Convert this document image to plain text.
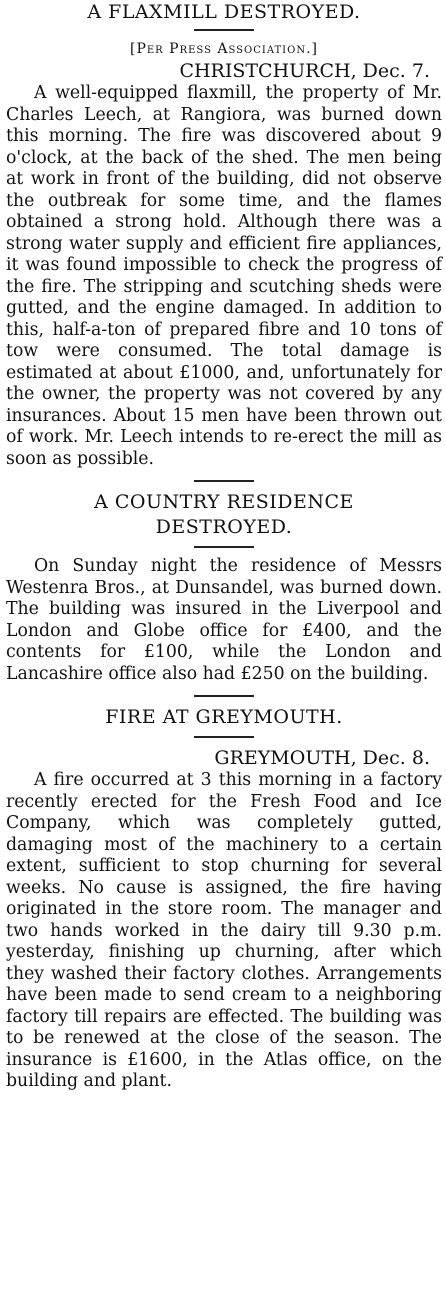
A FLAXMILL DESTROYED.
[Per Press Association.]
CHRISTCHURCH, Dec. 7.

A well-equipped flaxmill, the property of Mr. Charles Leech, at Rangiora, was burned down this morning. The fire was discovered about 9 o'clock, at the back of the shed. The men being at work in front of the building, did not observe the outbreak for some time, and the flames obtained a strong hold. Although there was a strong water supply and efficient fire appliances, it was found impossible to check the progress of the fire. The stripping and scutching sheds were gutted, and the engine damaged. In addition to this, half-a-ton of prepared fibre and 10 tons of tow were consumed. The total damage is estimated at about £1000, and, unfortunately for the owner, the property was not covered by any insurances. About 15 men have been thrown out of work. Mr. Leech intends to re-erect the mill as soon as possible.

A COUNTRY RESIDENCE
DESTROYED.

On Sunday night the residence of Messrs Westenra Bros., at Dunsandel, was burned down. The building was insured in the Liverpool and London and Globe office for £400, and the contents for £100, while the London and Lancashire office also had £250 on the building.

FIRE AT GREYMOUTH.
GREYMOUTH, Dec. 8.

A fire occurred at 3 this morning in a factory recently erected for the Fresh Food and Ice Company, which was completely gutted, damaging most of the machinery to a certain extent, sufficient to stop churning for several weeks. No cause is assigned, the fire having originated in the store room. The manager and two hands worked in the dairy till 9.30 p.m. yesterday, finishing up churning, after which they washed their factory clothes. Arrangements have been made to send cream to a neighboring factory till repairs are effected. The building was to be renewed at the close of the season. The insurance is £1600, in the Atlas office, on the building and plant.
